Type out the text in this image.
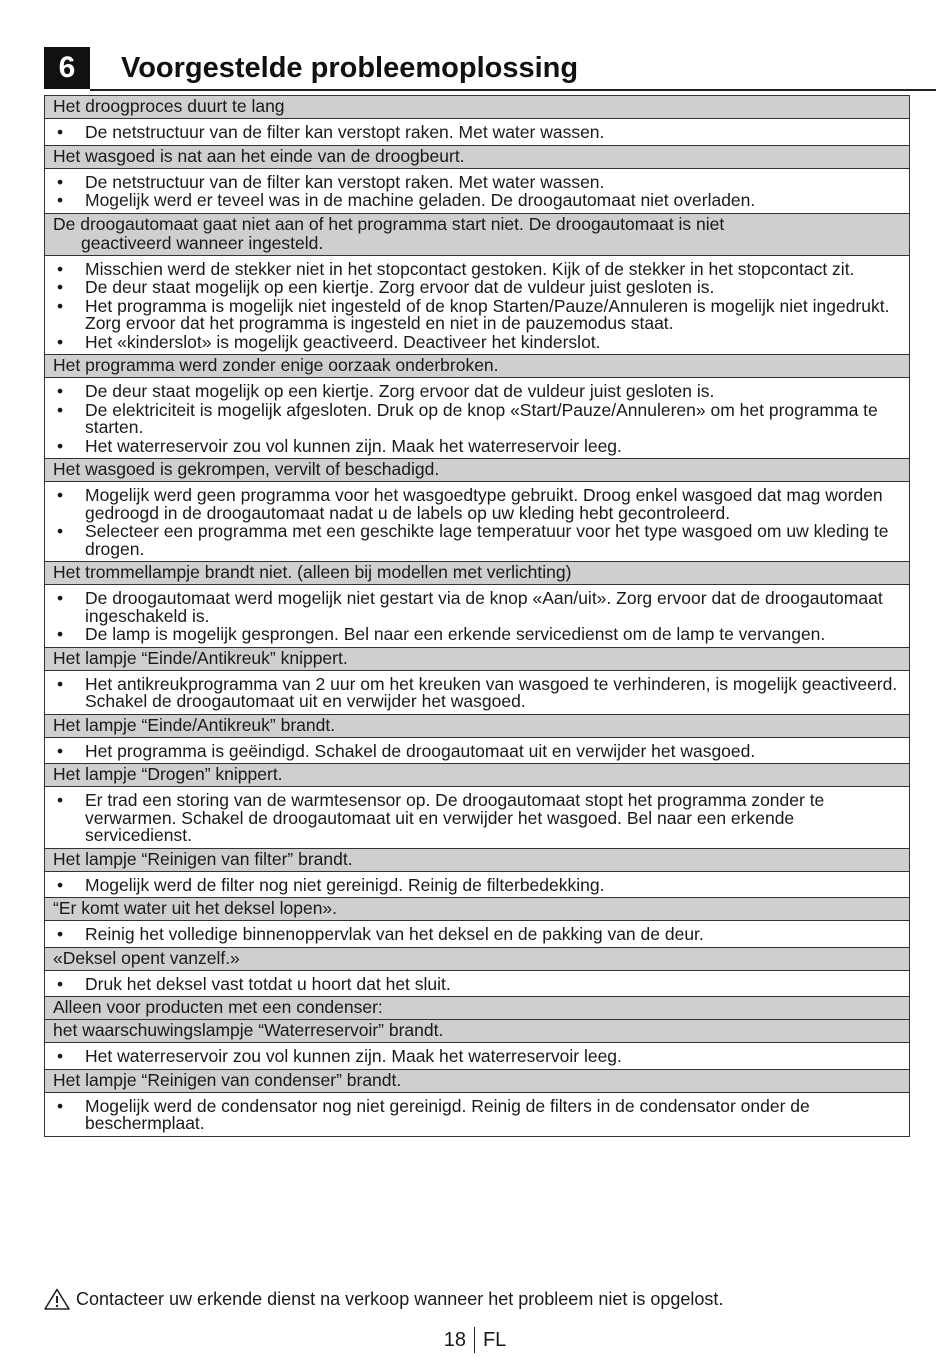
6	Voorgestelde probleemoplossing
Het droogproces duurt te lang
• De netstructuur van de filter kan verstopt raken. Met water wassen.
Het wasgoed is nat aan het einde van de droogbeurt.
• De netstructuur van de filter kan verstopt raken. Met water wassen.
• Mogelijk werd er teveel was in de machine geladen. De droogautomaat niet overladen.
De droogautomaat gaat niet aan of het programma start niet. De droogautomaat is niet
geactiveerd wanneer ingesteld.
• Misschien werd de stekker niet in het stopcontact gestoken. Kijk of de stekker in het stopcontact zit.
• De deur staat mogelijk op een kiertje. Zorg ervoor dat de vuldeur juist gesloten is.
• Het programma is mogelijk niet ingesteld of de knop Starten/Pauze/Annuleren is mogelijk niet ingedrukt. Zorg ervoor dat het programma is ingesteld en niet in de pauzemodus staat.
• Het «kinderslot» is mogelijk geactiveerd. Deactiveer het kinderslot.
Het programma werd zonder enige oorzaak onderbroken.
• De deur staat mogelijk op een kiertje. Zorg ervoor dat de vuldeur juist gesloten is.
• De elektriciteit is mogelijk afgesloten. Druk op de knop «Start/Pauze/Annuleren» om het programma te starten.
• Het waterreservoir zou vol kunnen zijn. Maak het waterreservoir leeg.
Het wasgoed is gekrompen, vervilt of beschadigd.
• Mogelijk werd geen programma voor het wasgoedtype gebruikt. Droog enkel wasgoed dat mag worden gedroogd in de droogautomaat nadat u de labels op uw kleding hebt gecontroleerd.
• Selecteer een programma met een geschikte lage temperatuur voor het type wasgoed om uw kleding te drogen.
Het trommellampje brandt niet. (alleen bij modellen met verlichting)
• De droogautomaat werd mogelijk niet gestart via de knop «Aan/uit». Zorg ervoor dat de droogautomaat ingeschakeld is.
• De lamp is mogelijk gesprongen. Bel naar een erkende servicedienst om de lamp te vervangen.
Het lampje “Einde/Antikreuk” knippert.
• Het antikreukprogramma van 2 uur om het kreuken van wasgoed te verhinderen, is mogelijk geactiveerd. Schakel de droogautomaat uit en verwijder het wasgoed.
Het lampje “Einde/Antikreuk” brandt.
• Het programma is geëindigd. Schakel de droogautomaat uit en verwijder het wasgoed.
Het lampje “Drogen” knippert.
• Er trad een storing van de warmtesensor op. De droogautomaat stopt het programma zonder te verwarmen. Schakel de droogautomaat uit en verwijder het wasgoed. Bel naar een erkende servicedienst.
Het lampje “Reinigen van filter” brandt.
• Mogelijk werd de filter nog niet gereinigd. Reinig de filterbedekking.
“Er komt water uit het deksel lopen».
• Reinig het volledige binnenoppervlak van het deksel en de pakking van de deur.
«Deksel opent vanzelf.»
• Druk het deksel vast totdat u hoort dat het sluit.
Alleen voor producten met een condenser:
het waarschuwingslampje “Waterreservoir” brandt.
• Het waterreservoir zou vol kunnen zijn. Maak het waterreservoir leeg.
Het lampje “Reinigen van condenser” brandt.
• Mogelijk werd de condensator nog niet gereinigd. Reinig de filters in de condensator onder de beschermplaat.
Contacteer uw erkende dienst na verkoop wanneer het probleem niet is opgelost.
18 FL
